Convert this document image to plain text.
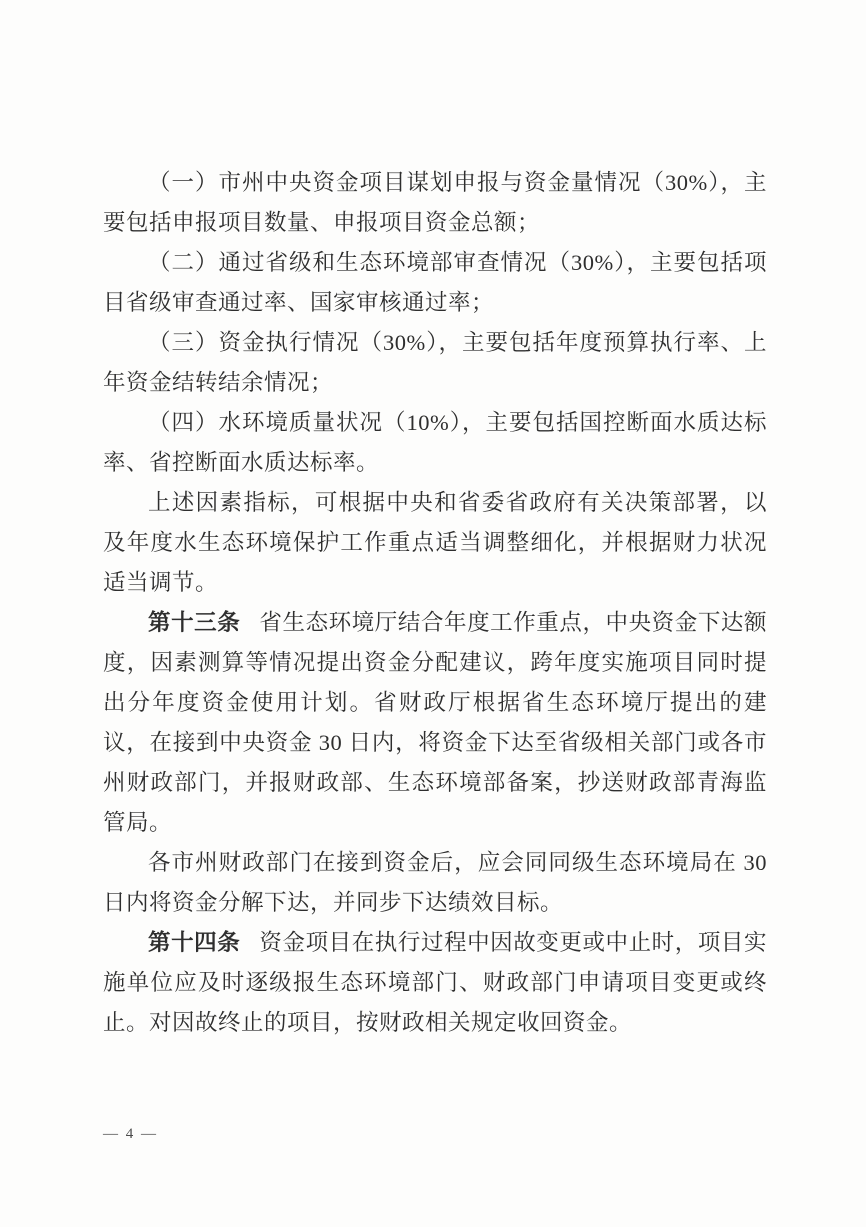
（一）市州中央资金项目谋划申报与资金量情况（30%），主要包括申报项目数量、申报项目资金总额；

（二）通过省级和生态环境部审查情况（30%），主要包括项目省级审查通过率、国家审核通过率；

（三）资金执行情况（30%），主要包括年度预算执行率、上年资金结转结余情况；

（四）水环境质量状况（10%），主要包括国控断面水质达标率、省控断面水质达标率。

上述因素指标，可根据中央和省委省政府有关决策部署，以及年度水生态环境保护工作重点适当调整细化，并根据财力状况适当调节。

第十三条 省生态环境厅结合年度工作重点，中央资金下达额度，因素测算等情况提出资金分配建议，跨年度实施项目同时提出分年度资金使用计划。省财政厅根据省生态环境厅提出的建议，在接到中央资金 30 日内，将资金下达至省级相关部门或各市州财政部门，并报财政部、生态环境部备案，抄送财政部青海监管局。

各市州财政部门在接到资金后，应会同同级生态环境局在 30 日内将资金分解下达，并同步下达绩效目标。

第十四条 资金项目在执行过程中因故变更或中止时，项目实施单位应及时逐级报生态环境部门、财政部门申请项目变更或终止。对因故终止的项目，按财政相关规定收回资金。

— 4 —
